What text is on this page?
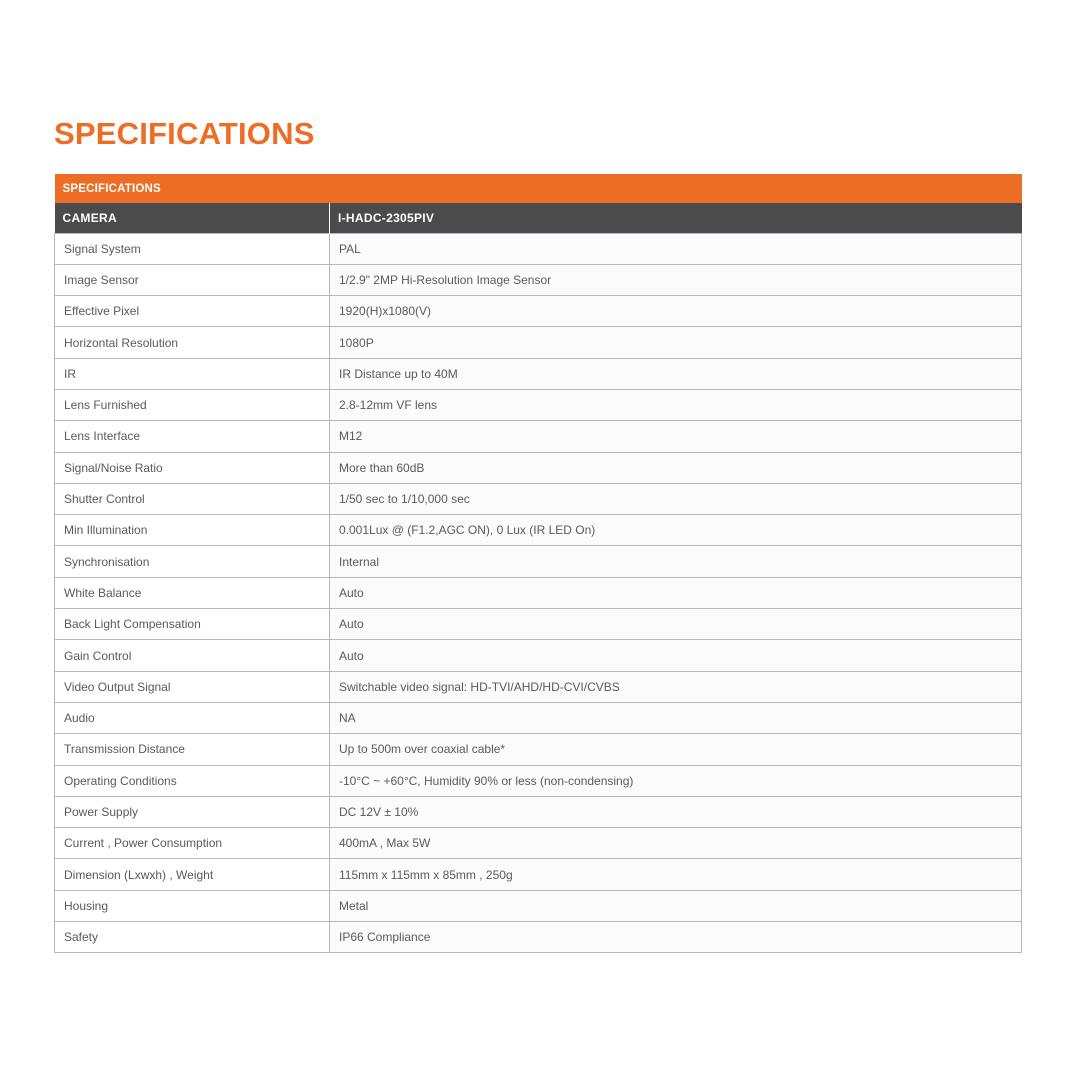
SPECIFICATIONS
SPECIFICATIONS	
CAMERA	I-HADC-2305PIV
Signal System	PAL
Image Sensor	1/2.9" 2MP Hi-Resolution Image Sensor
Effective Pixel	1920(H)x1080(V)
Horizontal Resolution	1080P
IR	IR Distance up to 40M
Lens Furnished	2.8-12mm VF lens
Lens Interface	M12
Signal/Noise Ratio	More than 60dB
Shutter Control	1/50 sec to 1/10,000 sec
Min Illumination	0.001Lux @ (F1.2,AGC ON), 0 Lux (IR LED On)
Synchronisation	Internal
White Balance	Auto
Back Light Compensation	Auto
Gain Control	Auto
Video Output Signal	Switchable video signal: HD-TVI/AHD/HD-CVI/CVBS
Audio	NA
Transmission Distance	Up to 500m over coaxial cable*
Operating Conditions	-10°C ~ +60°C, Humidity 90% or less (non-condensing)
Power Supply	DC 12V ± 10%
Current , Power Consumption	400mA , Max 5W
Dimension (Lxwxh) , Weight	115mm x 115mm x 85mm , 250g
Housing	Metal
Safety	IP66 Compliance
